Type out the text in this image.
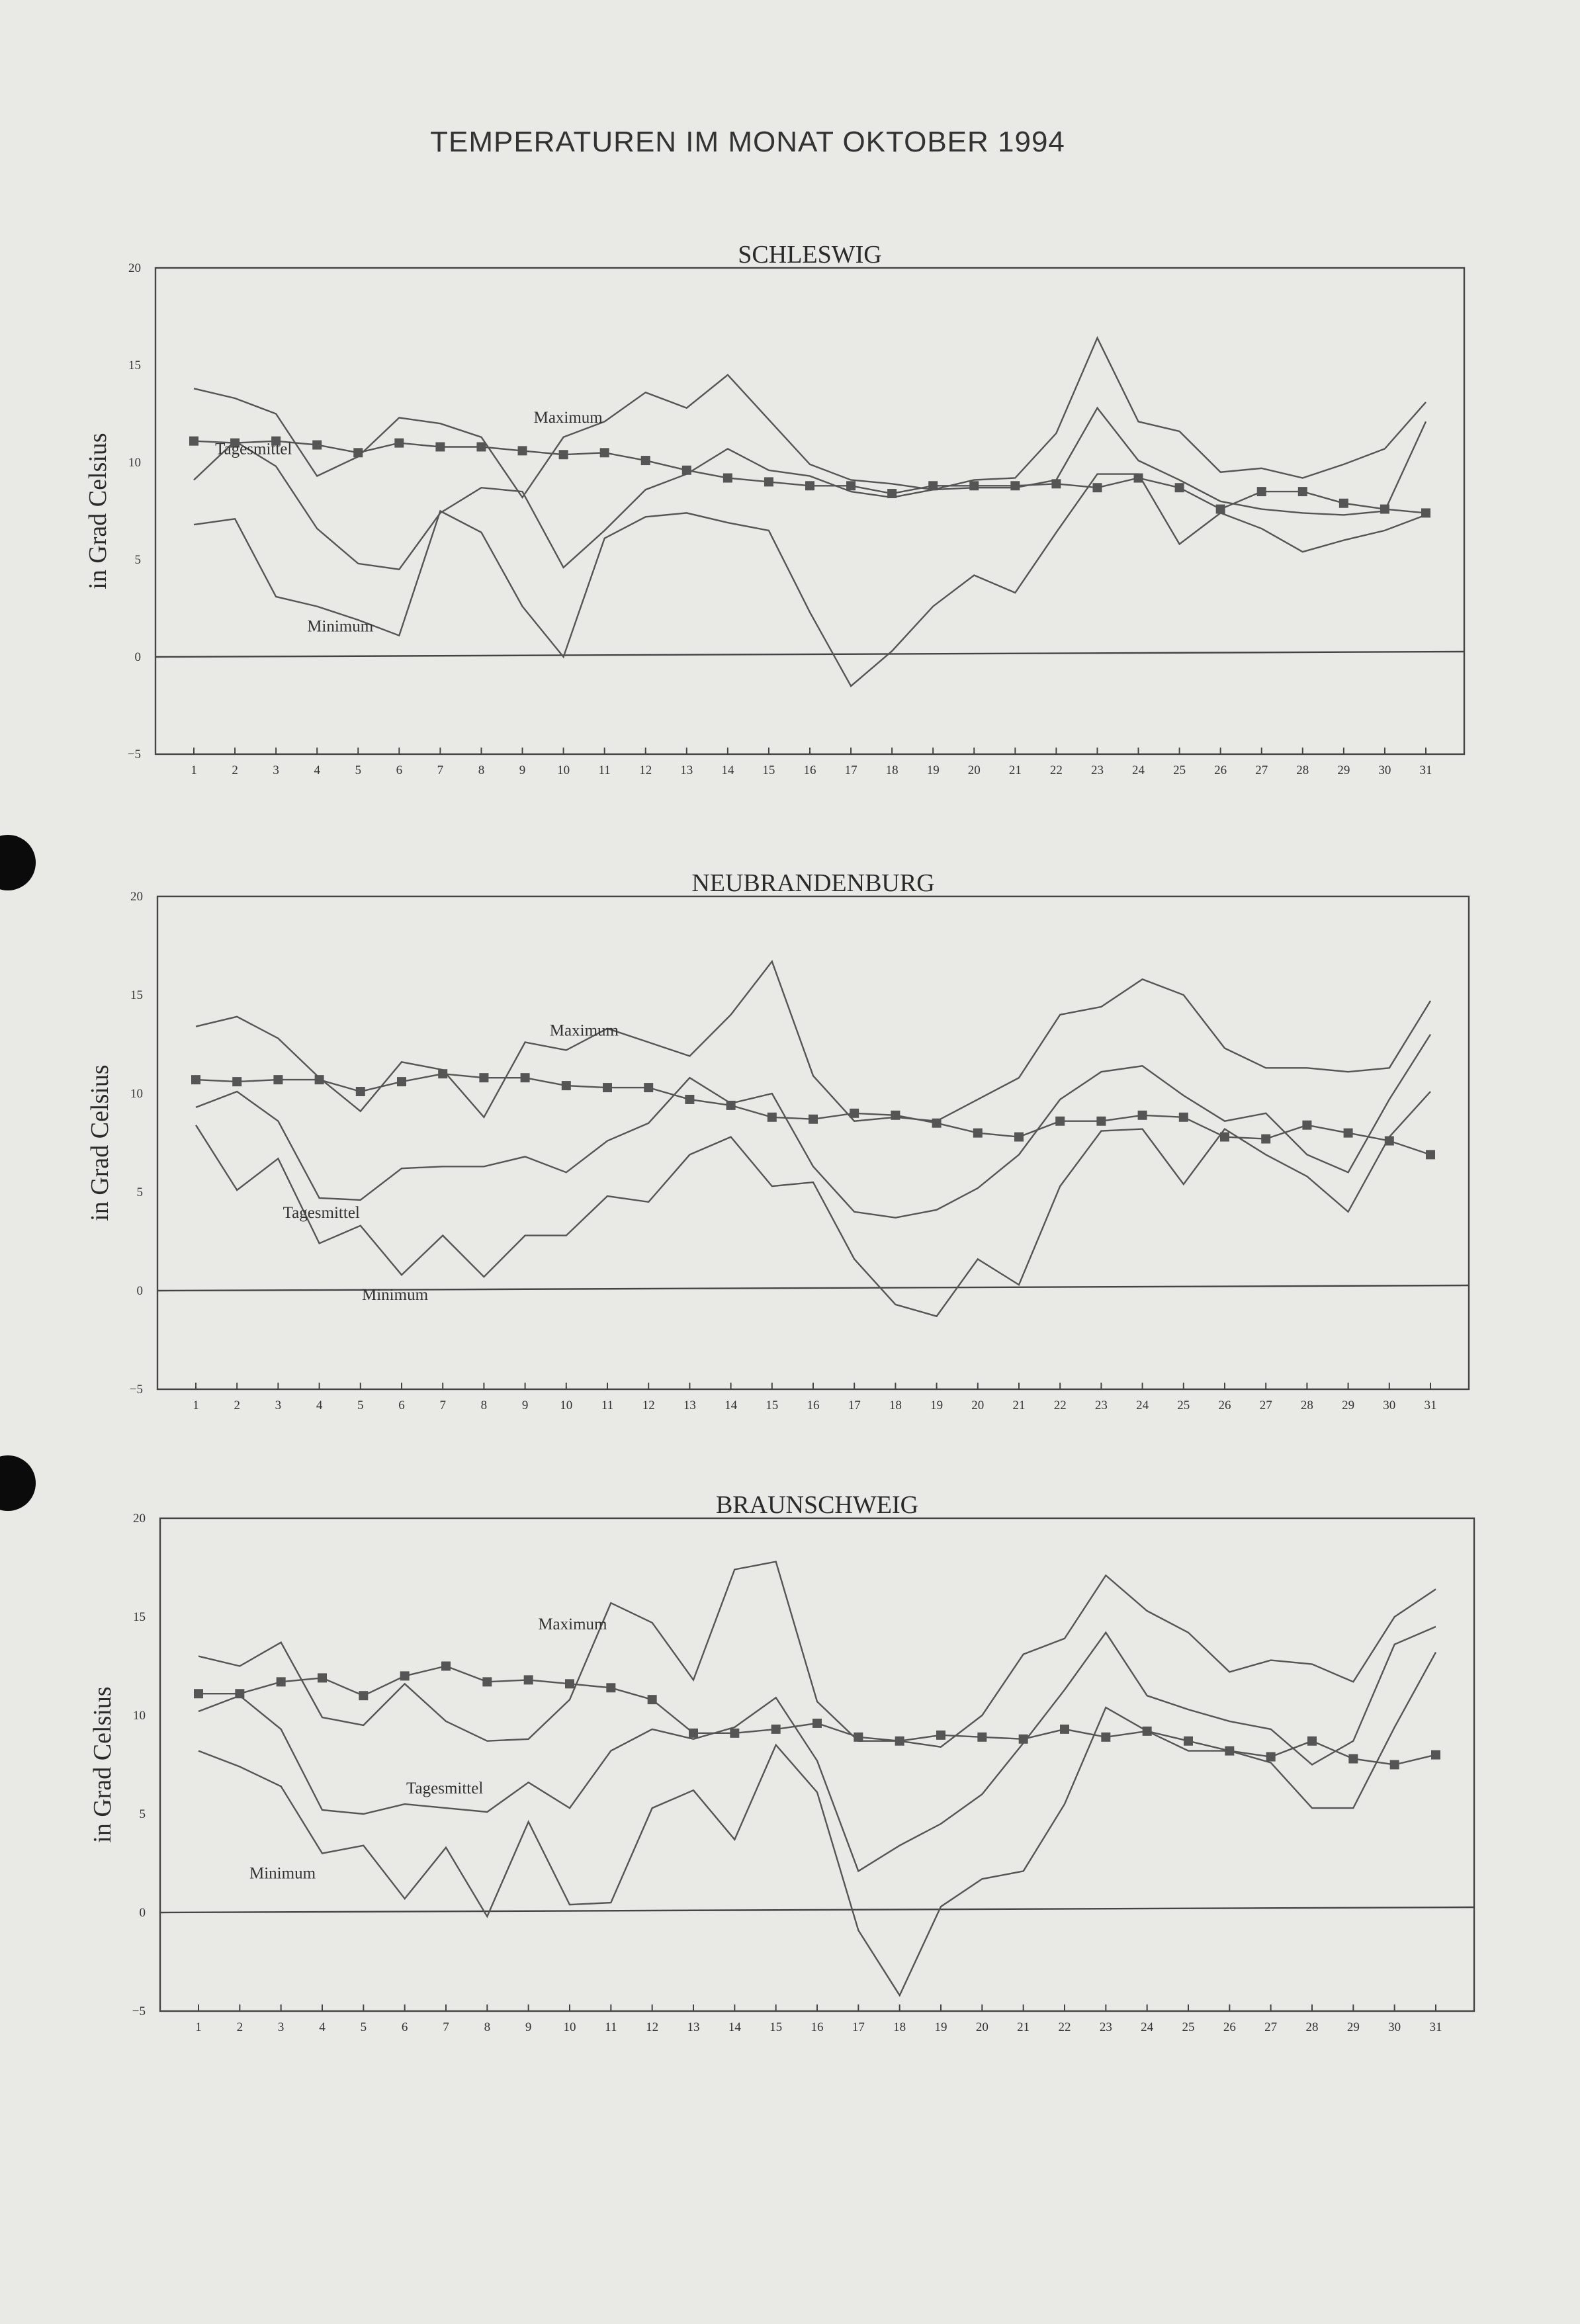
TEMPERATUREN IM MONAT OKTOBER 1994
SCHLESWIG
in Grad Celsius
−5
0
5
10
15
20
1	2	3	4	5	6	7	8	9	10 11 12 13 14 15 16 17 18 19 20 21 22 23 24 25 26 27 28 29 30 31
Maximum
Tagesmittel
Minimum
NEUBRANDENBURG
in Grad Celsius
−5
0
5
10
15
20
1	2	3	4	5	6	7	8	9	10 11 12 13 14 15 16 17 18 19 20 21 22 23 24 25 26 27 28 29 30 31
Maximum
Tagesmittel
Minimum
BRAUNSCHWEIG
in Grad Celsius
−5
0
5
10
15
20
1	2	3	4	5	6	7	8	9	10 11 12 13 14 15 16 17 18 19 20 21 22 23 24 25 26 27 28 29 30 31
Maximum
Tagesmittel
Minimum
